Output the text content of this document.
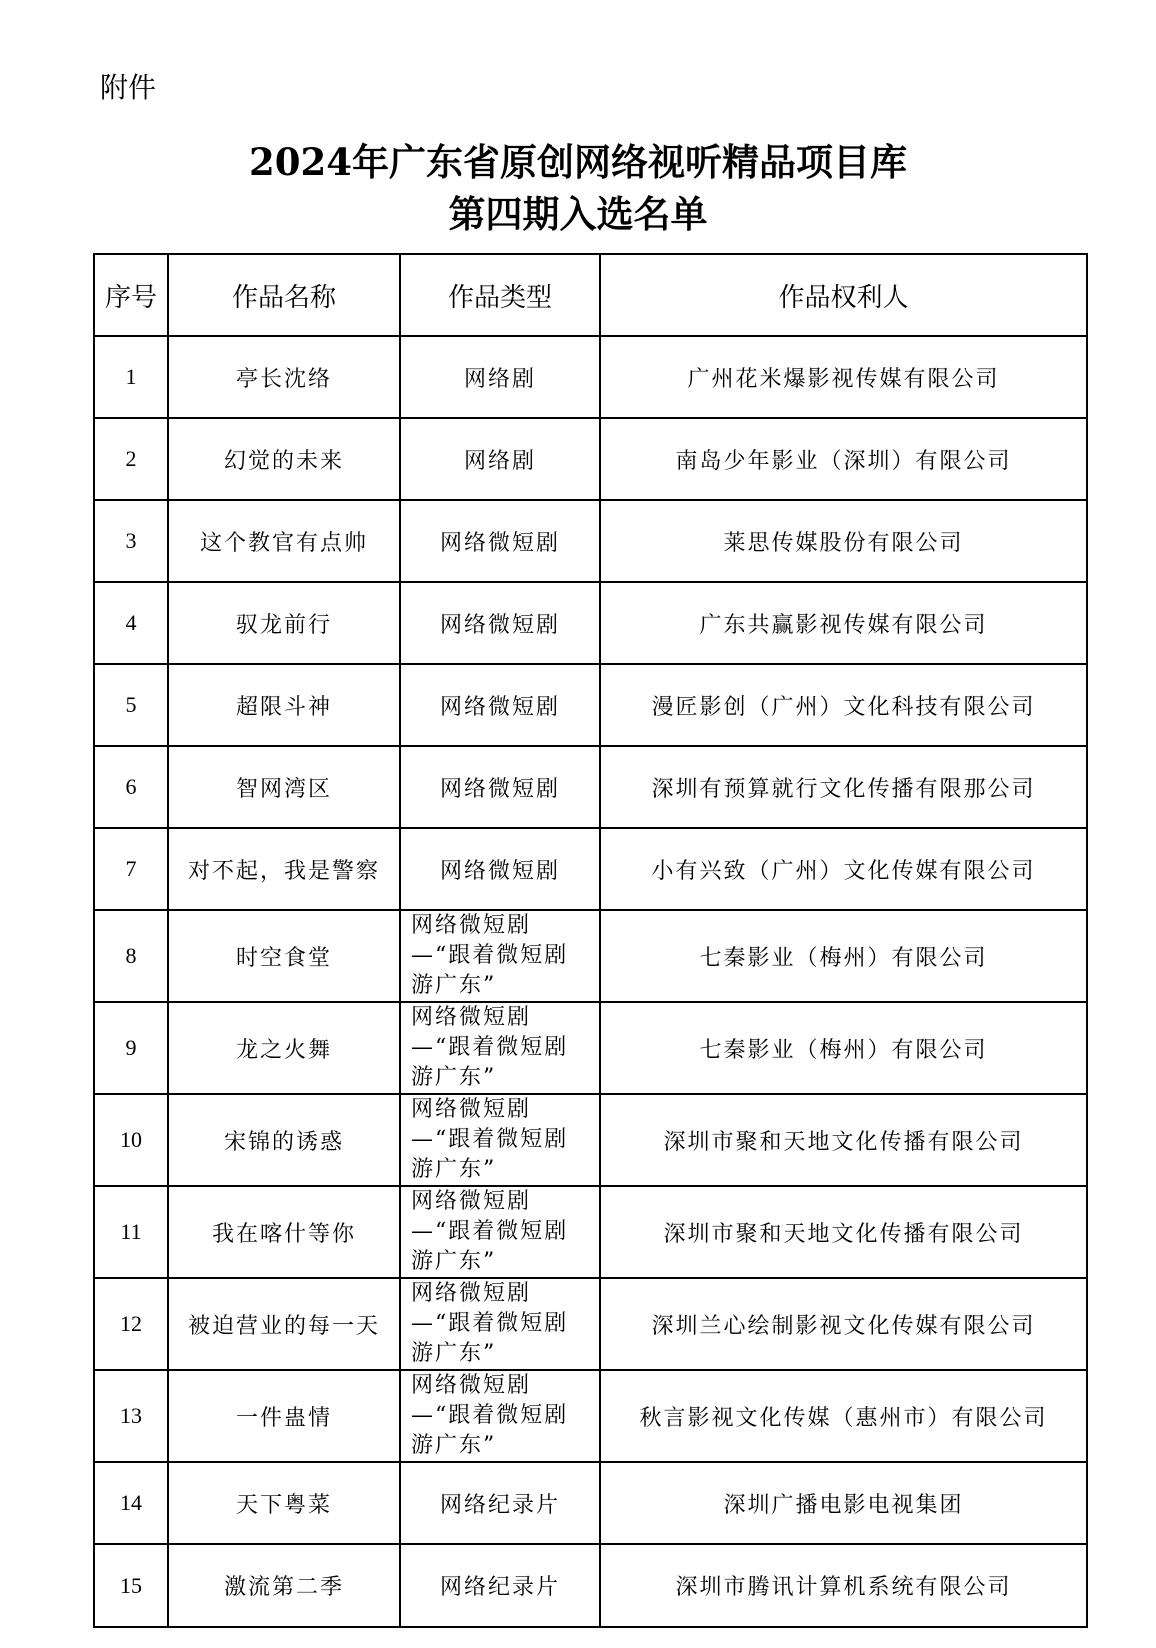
附件
2024年广东省原创网络视听精品项目库
第四期入选名单
序号	作品名称	作品类型	作品权利人
1	亭长沈络	网络剧	广州花米爆影视传媒有限公司
2	幻觉的未来	网络剧	南岛少年影业（深圳）有限公司
3	这个教官有点帅	网络微短剧	莱思传媒股份有限公司
4	驭龙前行	网络微短剧	广东共赢影视传媒有限公司
5	超限斗神	网络微短剧	漫匠影创（广州）文化科技有限公司
6	智网湾区	网络微短剧	深圳有预算就行文化传播有限那公司
7	对不起，我是警察	网络微短剧	小有兴致（广州）文化传媒有限公司
8	时空食堂	网络微短剧—“跟着微短剧游广东”	七秦影业（梅州）有限公司
9	龙之火舞	网络微短剧—“跟着微短剧游广东”	七秦影业（梅州）有限公司
10	宋锦的诱惑	网络微短剧—“跟着微短剧游广东”	深圳市聚和天地文化传播有限公司
11	我在喀什等你	网络微短剧—“跟着微短剧游广东”	深圳市聚和天地文化传播有限公司
12	被迫营业的每一天	网络微短剧—“跟着微短剧游广东”	深圳兰心绘制影视文化传媒有限公司
13	一件蛊情	网络微短剧—“跟着微短剧游广东”	秋言影视文化传媒（惠州市）有限公司
14	天下粤菜	网络纪录片	深圳广播电影电视集团
15	激流第二季	网络纪录片	深圳市腾讯计算机系统有限公司
